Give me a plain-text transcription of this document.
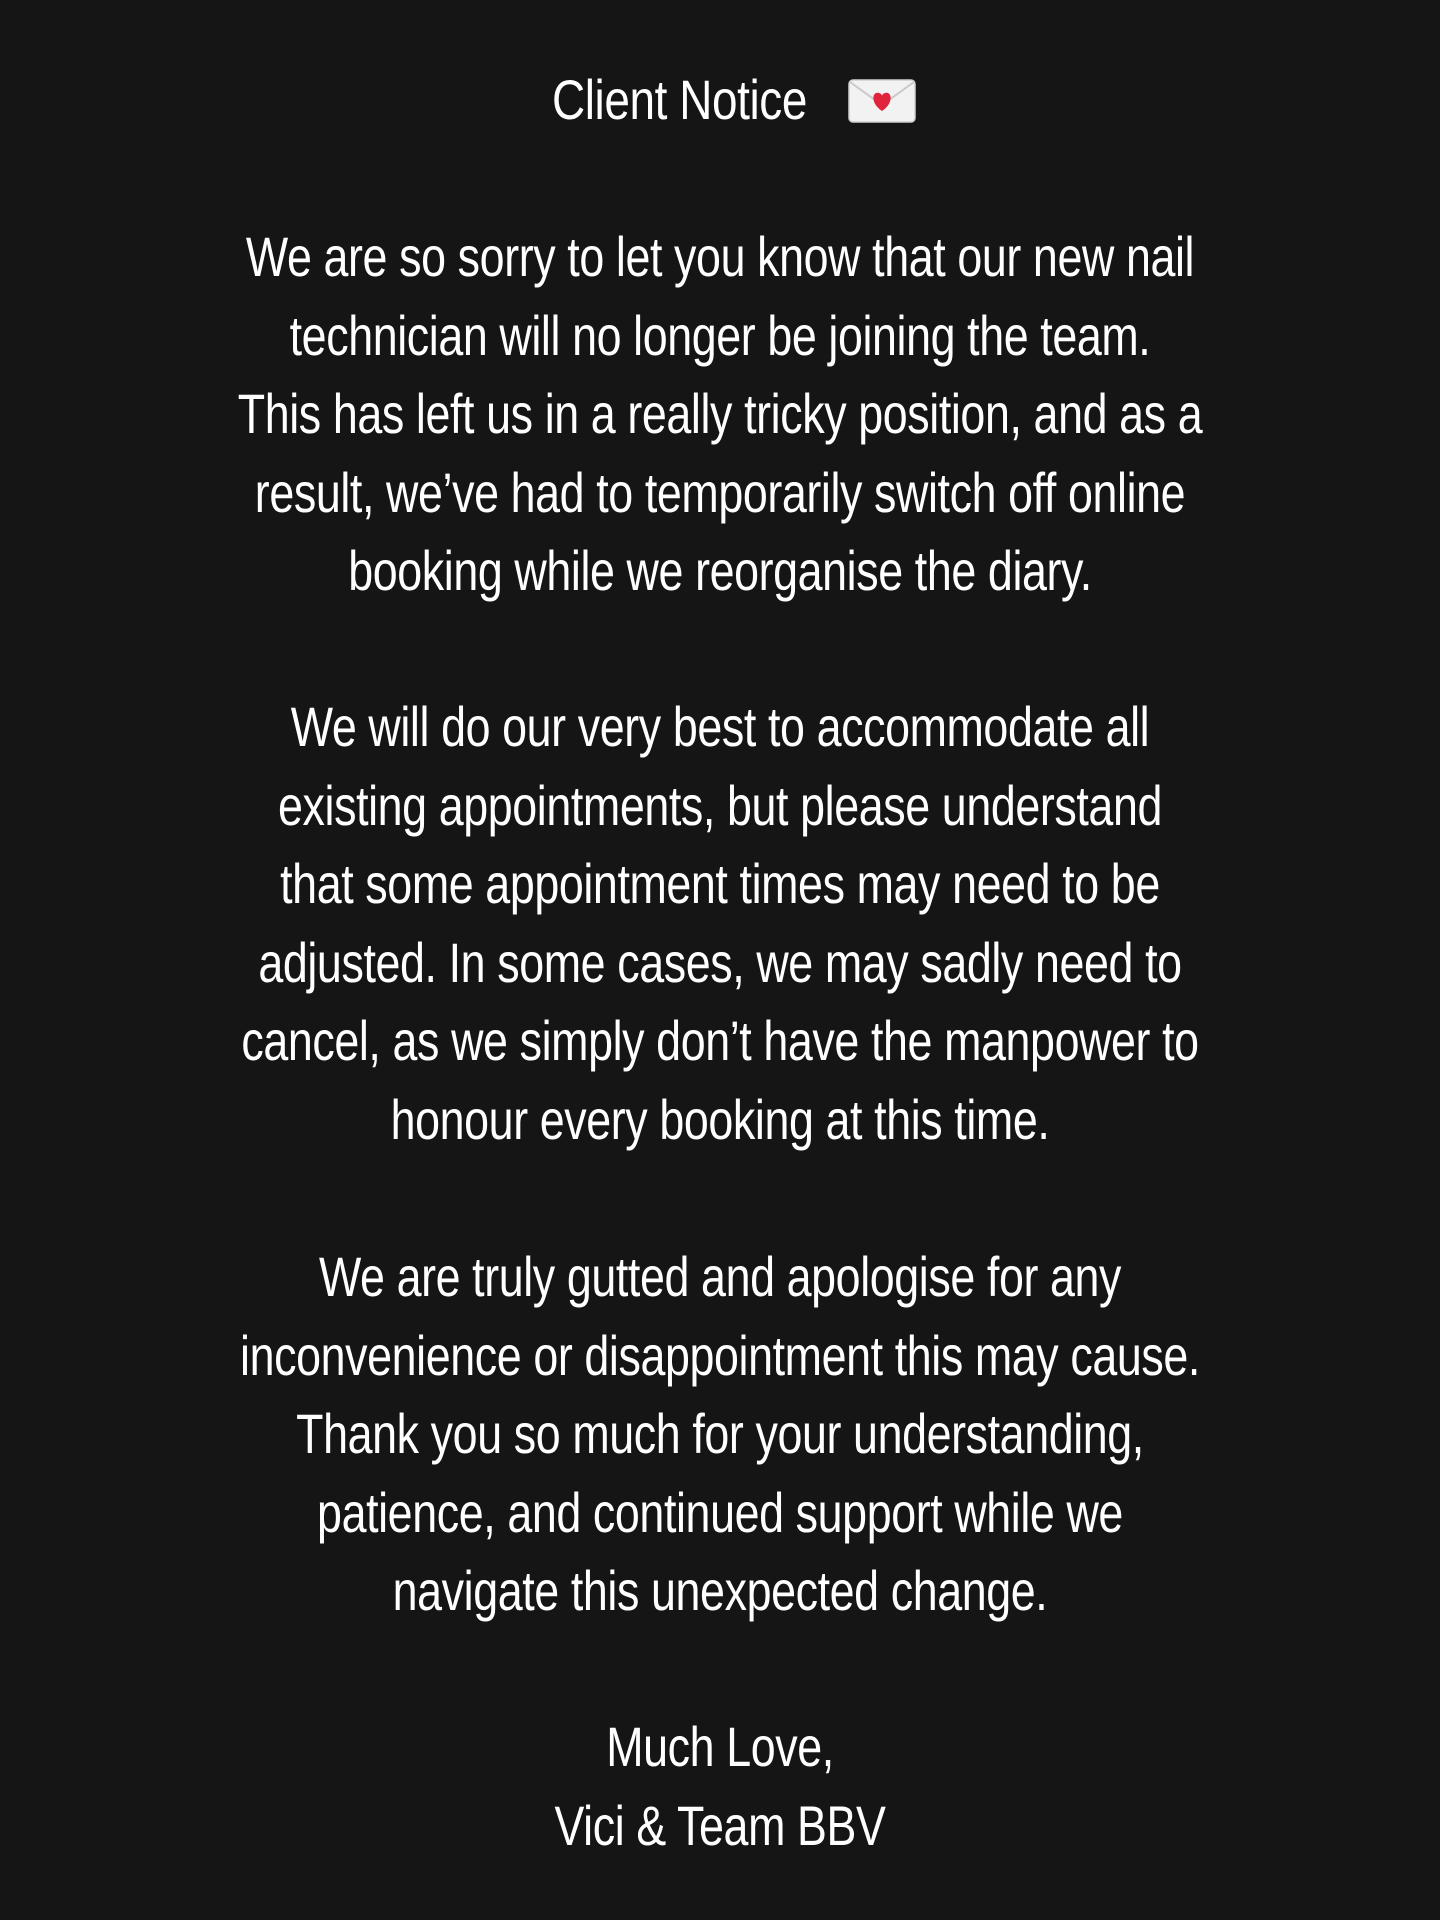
Client Notice
We are so sorry to let you know that our new nail
technician will no longer be joining the team.
This has left us in a really tricky position, and as a
result, we’ve had to temporarily switch off online
booking while we reorganise the diary.
We will do our very best to accommodate all
existing appointments, but please understand
that some appointment times may need to be
adjusted. In some cases, we may sadly need to
cancel, as we simply don’t have the manpower to
honour every booking at this time.
We are truly gutted and apologise for any
inconvenience or disappointment this may cause.
Thank you so much for your understanding,
patience, and continued support while we
navigate this unexpected change.
Much Love,
Vici & Team BBV
